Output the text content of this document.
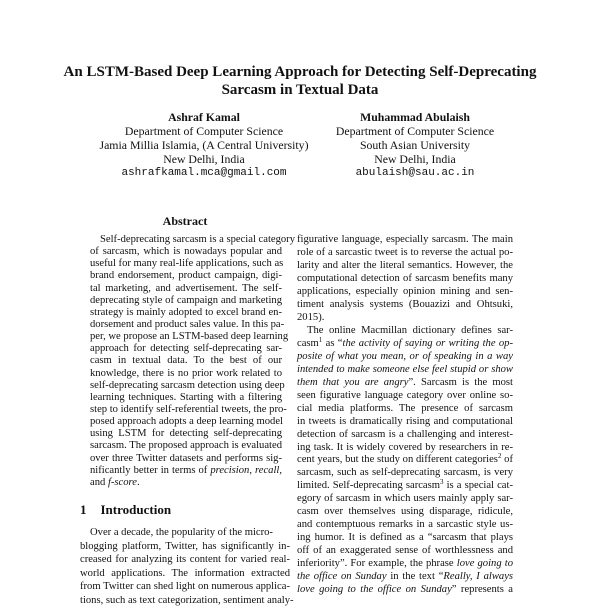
An LSTM-Based Deep Learning Approach for Detecting Self-Deprecating
Sarcasm in Textual Data
Ashraf Kamal
Department of Computer Science
Jamia Millia Islamia, (A Central University)
New Delhi, India
ashrafkamal.mca@gmail.com
Muhammad Abulaish
Department of Computer Science
South Asian University
New Delhi, India
abulaish@sau.ac.in
Abstract
Self-deprecating sarcasm is a special category
of sarcasm, which is nowadays popular and
useful for many real-life applications, such as
brand endorsement, product campaign, digi-
tal marketing, and advertisement. The self-
deprecating style of campaign and marketing
strategy is mainly adopted to excel brand en-
dorsement and product sales value. In this pa-
per, we propose an LSTM-based deep learning
approach for detecting self-deprecating sar-
casm in textual data. To the best of our
knowledge, there is no prior work related to
self-deprecating sarcasm detection using deep
learning techniques. Starting with a filtering
step to identify self-referential tweets, the pro-
posed approach adopts a deep learning model
using LSTM for detecting self-deprecating
sarcasm. The proposed approach is evaluated
over three Twitter datasets and performs sig-
nificantly better in terms of precision, recall,
and f-score.
1 Introduction
Over a decade, the popularity of the micro-
blogging platform, Twitter, has significantly in-
creased for analyzing its content for varied real-
world applications. The information extracted
from Twitter can shed light on numerous applica-
tions, such as text categorization, sentiment analy-
figurative language, especially sarcasm. The main
role of a sarcastic tweet is to reverse the actual po-
larity and alter the literal semantics. However, the
computational detection of sarcasm benefits many
applications, especially opinion mining and sen-
timent analysis systems (Bouazizi and Ohtsuki,
2015).
The online Macmillan dictionary defines sar-
casm$^1$ as “the activity of saying or writing the op-
posite of what you mean, or of speaking in a way
intended to make someone else feel stupid or show
them that you are angry”. Sarcasm is the most
seen figurative language category over online so-
cial media platforms. The presence of sarcasm
in tweets is dramatically rising and computational
detection of sarcasm is a challenging and interest-
ing task. It is widely covered by researchers in re-
cent years, but the study on different categories$^2$ of
sarcasm, such as self-deprecating sarcasm, is very
limited. Self-deprecating sarcasm$^3$ is a special cat-
egory of sarcasm in which users mainly apply sar-
casm over themselves using disparage, ridicule,
and contemptuous remarks in a sarcastic style us-
ing humor. It is defined as a “sarcasm that plays
off of an exaggerated sense of worthlessness and
inferiority”. For example, the phrase love going to
the office on Sunday in the text “Really, I always
love going to the office on Sunday” represents a
